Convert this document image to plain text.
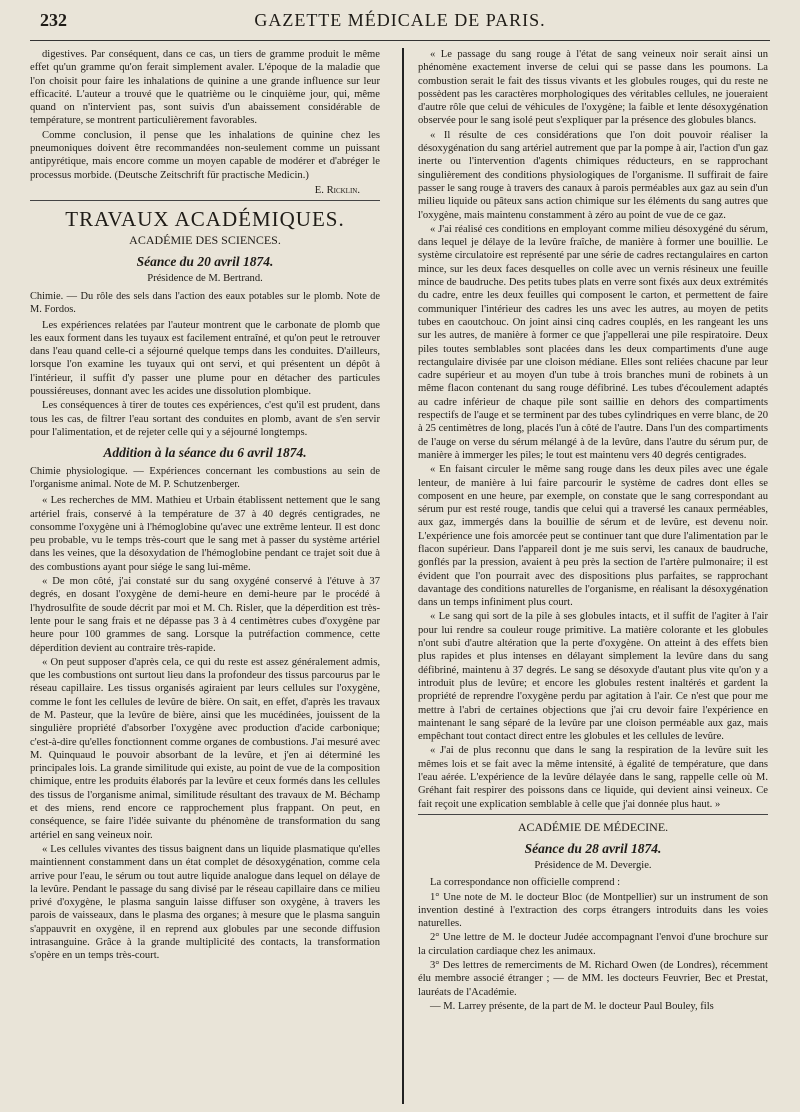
232	GAZETTE MÉDICALE DE PARIS.

digestives. Par conséquent, dans ce cas, un tiers de gramme produit le même effet qu'un gramme qu'on ferait simplement avaler. L'époque de la maladie que l'on choisit pour faire les inhalations de quinine a une grande influence sur leur efficacité. L'auteur a trouvé que le quatrième ou le cinquième jour, qui, même quand on n'intervient pas, sont suivis d'un abaissement considérable de température, se montrent particulièrement favorables.

Comme conclusion, il pense que les inhalations de quinine chez les pneumoniques doivent être recommandées non-seulement comme un puissant antipyrétique, mais encore comme un moyen capable de modérer et d'abréger le processus morbide. (Deutsche Zeitschrift für practische Medicin.)

E. Ricklin.
TRAVAUX ACADÉMIQUES.
ACADÉMIE DES SCIENCES.
Séance du 20 avril 1874.
Présidence de M. Bertrand.
Chimie. — Du rôle des sels dans l'action des eaux potables sur le plomb. Note de M. Fordos.

Les expériences relatées par l'auteur montrent que le carbonate de plomb que les eaux forment dans les tuyaux est facilement entraîné, et qu'on peut le retrouver dans l'eau quand celle-ci a séjourné quelque temps dans les conduites. D'ailleurs, lorsque l'on examine les tuyaux qui ont servi, et qui présentent un dépôt à l'intérieur, il suffit d'y passer une plume pour en détacher des particules poussiéreuses, donnant avec les acides une dissolution plombique.

Les conséquences à tirer de toutes ces expériences, c'est qu'il est prudent, dans tous les cas, de filtrer l'eau sortant des conduites en plomb, avant de s'en servir pour l'alimentation, et de rejeter celle qui y a séjourné longtemps.

Addition à la séance du 6 avril 1874.
Chimie physiologique. — Expériences concernant les combustions au sein de l'organisme animal. Note de M. P. Schutzenberger.

« Les recherches de MM. Mathieu et Urbain établissent nettement que le sang artériel frais, conservé à la température de 37 à 40 degrés centigrades, ne consomme l'oxygène uni à l'hémoglobine qu'avec une extrême lenteur. Il est donc peu probable, vu le temps très-court que le sang met à passer du système artériel dans les veines, que la désoxydation de l'hémoglobine pendant ce trajet soit due à des combustions ayant pour siége le sang lui-même.

« De mon côté, j'ai constaté sur du sang oxygéné conservé à l'étuve à 37 degrés, en dosant l'oxygène de demi-heure en demi-heure par le procédé à l'hydrosulfite de soude décrit par moi et M. Ch. Risler, que la déperdition est très-lente pour le sang frais et ne dépasse pas 3 à 4 centimètres cubes d'oxygène par heure pour 100 grammes de sang. Lorsque la putréfaction commence, cette déperdition devient au contraire très-rapide.

« On peut supposer d'après cela, ce qui du reste est assez généralement admis, que les combustions ont surtout lieu dans la profondeur des tissus parcourus par le réseau capillaire. Les tissus organisés agiraient par leurs cellules sur l'oxygène, comme le font les cellules de levûre de bière. On sait, en effet, d'après les travaux de M. Pasteur, que la levûre de bière, ainsi que les mucédinées, jouissent de la singulière propriété d'absorber l'oxygène avec production d'acide carbonique; c'est-à-dire qu'elles fonctionnent comme organes de combustions. J'ai mesuré avec M. Quinquaud le pouvoir absorbant de la levûre, et j'en ai déterminé les principales lois. La grande similitude qui existe, au point de vue de la composition chimique, entre les produits élaborés par la levûre et ceux formés dans les cellules des tissus de l'organisme animal, similitude résultant des travaux de M. Béchamp et des miens, rend encore ce rapprochement plus frappant. On peut, en conséquence, se faire l'idée suivante du phénomène de transformation du sang artériel en sang veineux noir.

« Les cellules vivantes des tissus baignent dans un liquide plasmatique qu'elles maintiennent constamment dans un état complet de désoxygénation, comme cela arrive pour l'eau, le sérum ou tout autre liquide analogue dans lequel on délaye de la levûre. Pendant le passage du sang divisé par le réseau capillaire dans ce milieu privé d'oxygène, le plasma sanguin laisse diffuser son oxygène, à travers les parois de vaisseaux, dans le plasma des organes; à mesure que le plasma sanguin s'appauvrit en oxygène, il en reprend aux globules par une seconde diffusion intrasanguine. Grâce à la grande multiplicité des contacts, la transformation s'opère en un temps très-court.

« Le passage du sang rouge à l'état de sang veineux noir serait ainsi un phénomène exactement inverse de celui qui se passe dans les poumons. La combustion serait le fait des tissus vivants et les globules rouges, qui du reste ne possèdent pas les caractères morphologiques des véritables cellules, ne joueraient d'autre rôle que celui de véhicules de l'oxygène; la faible et lente désoxygénation observée pour le sang isolé peut s'expliquer par la présence des globules blancs.

« Il résulte de ces considérations que l'on doit pouvoir réaliser la désoxygénation du sang artériel autrement que par la pompe à air, l'action d'un gaz inerte ou l'intervention d'agents chimiques réducteurs, en se rapprochant singulièrement des conditions physiologiques de l'organisme. Il suffirait de faire passer le sang rouge à travers des canaux à parois perméables aux gaz au sein d'un milieu liquide ou pâteux sans action chimique sur les éléments du sang autres que l'oxygène, mais maintenu constamment à zéro au point de vue de ce gaz.

« J'ai réalisé ces conditions en employant comme milieu désoxygéné du sérum, dans lequel je délaye de la levûre fraîche, de manière à former une bouillie. Le système circulatoire est représenté par une série de cadres rectangulaires en carton mince, sur les deux faces desquelles on colle avec un vernis résineux une feuille mince de baudruche. Des petits tubes plats en verre sont fixés aux deux extrémités du cadre, entre les deux feuilles qui composent le carton, et permettent de faire communiquer l'intérieur des cadres les uns avec les autres, au moyen de petits tubes en caoutchouc. On joint ainsi cinq cadres couplés, en les rangeant les uns sur les autres, de manière à former ce que j'appellerai une pile respiratoire. Deux piles toutes semblables sont placées dans les deux compartiments d'une auge rectangulaire divisée par une cloison médiane. Elles sont reliées chacune par leur cadre supérieur et au moyen d'un tube à trois branches muni de robinets à un même flacon contenant du sang rouge défibriné. Les tubes d'écoulement adaptés au cadre inférieur de chaque pile sont saillie en dehors des compartiments respectifs de l'auge et se terminent par des tubes cylindriques en verre blanc, de 20 à 25 centimètres de long, placés l'un à côté de l'autre. Dans l'un des compartiments de l'auge on verse du sérum mélangé à de la levûre, dans l'autre du sérum pur, de manière à immerger les piles; le tout est maintenu vers 40 degrés centigrades.

« En faisant circuler le même sang rouge dans les deux piles avec une égale lenteur, de manière à lui faire parcourir le système de cadres dont elles se composent en une heure, par exemple, on constate que le sang correspondant au sérum pur est resté rouge, tandis que celui qui a traversé les canaux perméables, aux gaz, immergés dans la bouillie de sérum et de levûre, est devenu noir. L'expérience une fois amorcée peut se continuer tant que dure l'alimentation par le flacon supérieur. Dans l'appareil dont je me suis servi, les canaux de baudruche, gonflés par la pression, avaient à peu près la section de l'artère pulmonaire; il est évident que l'on pourrait avec des dispositions plus parfaites, se rapprochant davantage des conditions naturelles de l'organisme, en réalisant la désoxygénation dans un temps infiniment plus court.

« Le sang qui sort de la pile à ses globules intacts, et il suffit de l'agiter à l'air pour lui rendre sa couleur rouge primitive. La matière colorante et les globules n'ont subi d'autre altération que la perte d'oxygène. On atteint à des effets bien plus rapides et plus intenses en délayant simplement la levûre dans du sang défibriné, maintenu à 37 degrés. Le sang se désoxyde d'autant plus vite qu'on y a introduit plus de levûre; et encore les globules restent inaltérés et gardent la propriété de reprendre l'oxygène perdu par agitation à l'air. Ce n'est que pour me mettre à l'abri de certaines objections que j'ai cru devoir faire l'expérience en maintenant le sang séparé de la levûre par une cloison perméable aux gaz, mais empêchant tout contact direct entre les globules et les cellules de levûre.

« J'ai de plus reconnu que dans le sang la respiration de la levûre suit les mêmes lois et se fait avec la même intensité, à égalité de température, que dans l'eau aérée. L'expérience de la levûre délayée dans le sang, rappelle celle où M. Gréhant fait respirer des poissons dans ce liquide, qui devient ainsi veineux. Ce fait reçoit une explication semblable à celle que j'ai donnée plus haut. »

ACADÉMIE DE MÉDECINE.
Séance du 28 avril 1874.
Présidence de M. Devergie.

La correspondance non officielle comprend :

1° Une note de M. le docteur Bloc (de Montpellier) sur un instrument de son invention destiné à l'extraction des corps étrangers introduits dans les voies naturelles.

2° Une lettre de M. le docteur Judée accompagnant l'envoi d'une brochure sur la circulation cardiaque chez les animaux.

3° Des lettres de remerciments de M. Richard Owen (de Londres), récemment élu membre associé étranger ; — de MM. les docteurs Feuvrier, Bec et Prestat, lauréats de l'Académie.

— M. Larrey présente, de la part de M. le docteur Paul Bouley, fils
